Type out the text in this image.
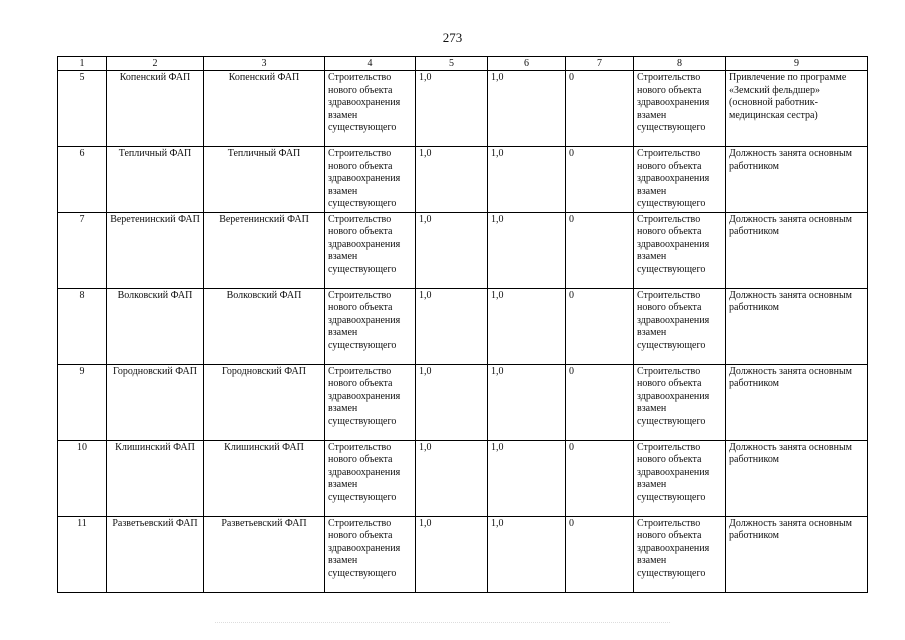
273
1	2	3	4	5	6	7	8	9
5	Копенский ФАП	Копенский ФАП	Строительство нового объекта здравоохранения взамен существующего	1,0	1,0	0	Строительство нового объекта здравоохранения взамен существующего	Привлечение по программе «Земский фельдшер» (основной работник- медицинская сестра)
6	Тепличный ФАП	Тепличный ФАП	Строительство нового объекта здравоохранения взамен существующего	1,0	1,0	0	Строительство нового объекта здравоохранения взамен существующего	Должность занята основным работником
7	Веретенинский ФАП	Веретенинский ФАП	Строительство нового объекта здравоохранения взамен существующего	1,0	1,0	0	Строительство нового объекта здравоохранения взамен существующего	Должность занята основным работником
8	Волковский ФАП	Волковский ФАП	Строительство нового объекта здравоохранения взамен существующего	1,0	1,0	0	Строительство нового объекта здравоохранения взамен существующего	Должность занята основным работником
9	Городновский ФАП	Городновский ФАП	Строительство нового объекта здравоохранения взамен существующего	1,0	1,0	0	Строительство нового объекта здравоохранения взамен существующего	Должность занята основным работником
10	Клишинский ФАП	Клишинский ФАП	Строительство нового объекта здравоохранения взамен существующего	1,0	1,0	0	Строительство нового объекта здравоохранения взамен существующего	Должность занята основным работником
11	Разветьевский ФАП	Разветьевский ФАП	Строительство нового объекта здравоохранения взамен существующего	1,0	1,0	0	Строительство нового объекта здравоохранения взамен существующего	Должность занята основным работником
